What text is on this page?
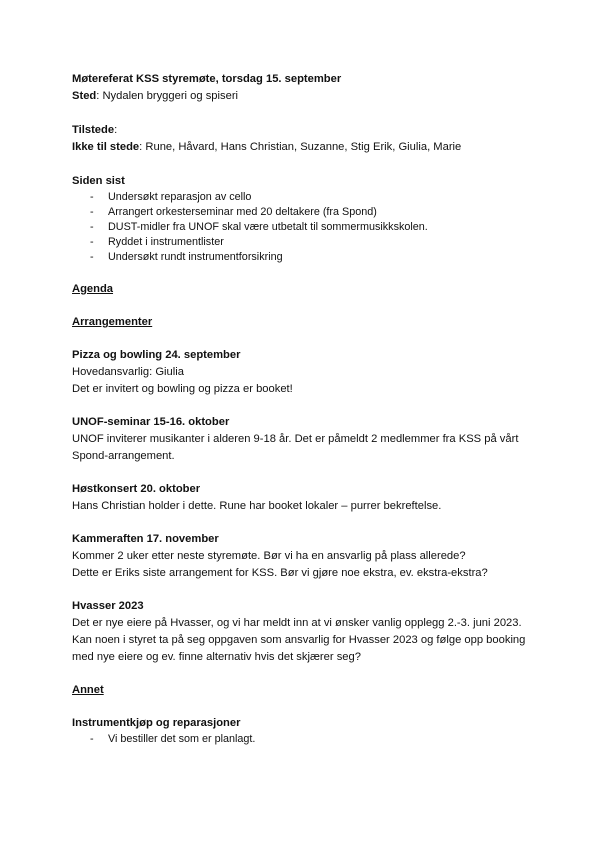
Møtereferat KSS styremøte, torsdag 15. september
Sted: Nydalen bryggeri og spiseri
Tilstede:
Ikke til stede: Rune, Håvard, Hans Christian, Suzanne, Stig Erik, Giulia, Marie
Siden sist
- Undersøkt reparasjon av cello
- Arrangert orkesterseminar med 20 deltakere (fra Spond)
- DUST-midler fra UNOF skal være utbetalt til sommermusikkskolen.
- Ryddet i instrumentlister
- Undersøkt rundt instrumentforsikring
Agenda
Arrangementer
Pizza og bowling 24. september
Hovedansvarlig: Giulia
Det er invitert og bowling og pizza er booket!
UNOF-seminar 15-16. oktober
UNOF inviterer musikanter i alderen 9-18 år. Det er påmeldt 2 medlemmer fra KSS på vårt
Spond-arrangement.
Høstkonsert 20. oktober
Hans Christian holder i dette. Rune har booket lokaler – purrer bekreftelse.
Kammeraften 17. november
Kommer 2 uker etter neste styremøte. Bør vi ha en ansvarlig på plass allerede?
Dette er Eriks siste arrangement for KSS. Bør vi gjøre noe ekstra, ev. ekstra-ekstra?
Hvasser 2023
Det er nye eiere på Hvasser, og vi har meldt inn at vi ønsker vanlig opplegg 2.-3. juni 2023.
Kan noen i styret ta på seg oppgaven som ansvarlig for Hvasser 2023 og følge opp booking
med nye eiere og ev. finne alternativ hvis det skjærer seg?
Annet
Instrumentkjøp og reparasjoner
- Vi bestiller det som er planlagt.
